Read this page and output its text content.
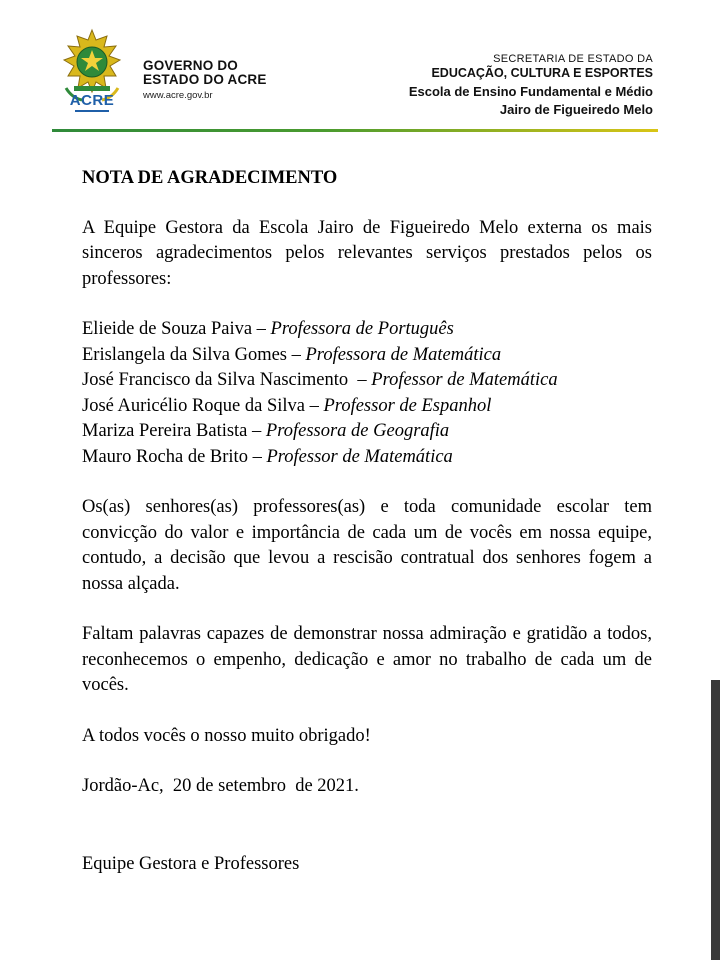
ACRE
GOVERNO DO
ESTADO DO ACRE
www.acre.gov.br
SECRETARIA DE ESTADO DA
EDUCAÇÃO, CULTURA E ESPORTES
Escola de Ensino Fundamental e Médio
Jairo de Figueiredo Melo
NOTA DE AGRADECIMENTO
A Equipe Gestora da Escola Jairo de Figueiredo Melo externa os mais sinceros agradecimentos pelos relevantes serviços prestados pelos os professores:
Elieide de Souza Paiva – Professora de Português
Erislangela da Silva Gomes – Professora de Matemática
José Francisco da Silva Nascimento  – Professor de Matemática
José Auricélio Roque da Silva – Professor de Espanhol
Mariza Pereira Batista – Professora de Geografia
Mauro Rocha de Brito – Professor de Matemática
Os(as) senhores(as) professores(as) e toda comunidade escolar tem convicção do valor e importância de cada um de vocês em nossa equipe, contudo, a decisão que levou a rescisão contratual dos senhores fogem a nossa alçada.
Faltam palavras capazes de demonstrar nossa admiração e gratidão a todos, reconhecemos o empenho, dedicação e amor no trabalho de cada um de vocês.
A todos vocês o nosso muito obrigado!
Jordão-Ac,  20 de setembro  de 2021.
Equipe Gestora e Professores
